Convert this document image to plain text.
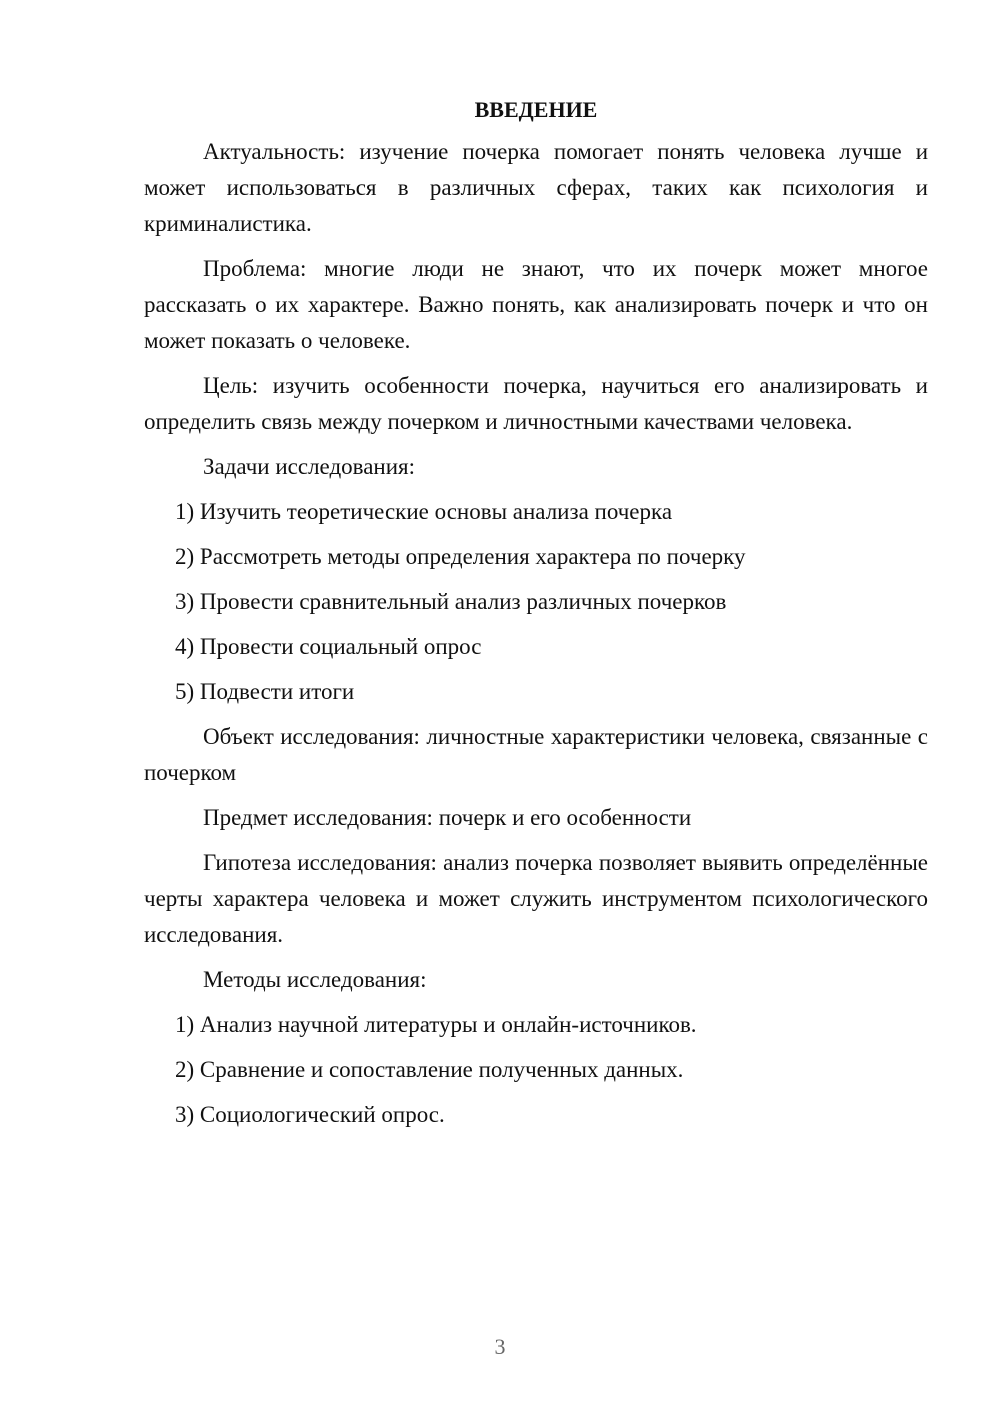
ВВЕДЕНИЕ

Актуальность: изучение почерка помогает понять человека лучше и может использоваться в различных сферах, таких как психология и криминалистика.

Проблема: многие люди не знают, что их почерк может многое рассказать о их характере. Важно понять, как анализировать почерк и что он может показать о человеке.

Цель: изучить особенности почерка, научиться его анализировать и определить связь между почерком и личностными качествами человека.

Задачи исследования:

1) Изучить теоретические основы анализа почерка

2) Рассмотреть методы определения характера по почерку

3) Провести сравнительный анализ различных почерков

4) Провести социальный опрос

5) Подвести итоги

Объект исследования: личностные характеристики человека, связанные с почерком

Предмет исследования: почерк и его особенности

Гипотеза исследования: анализ почерка позволяет выявить определённые черты характера человека и может служить инструментом психологического исследования.

Методы исследования:

1) Анализ научной литературы и онлайн-источников.

2) Сравнение и сопоставление полученных данных.

3) Социологический опрос.

3
